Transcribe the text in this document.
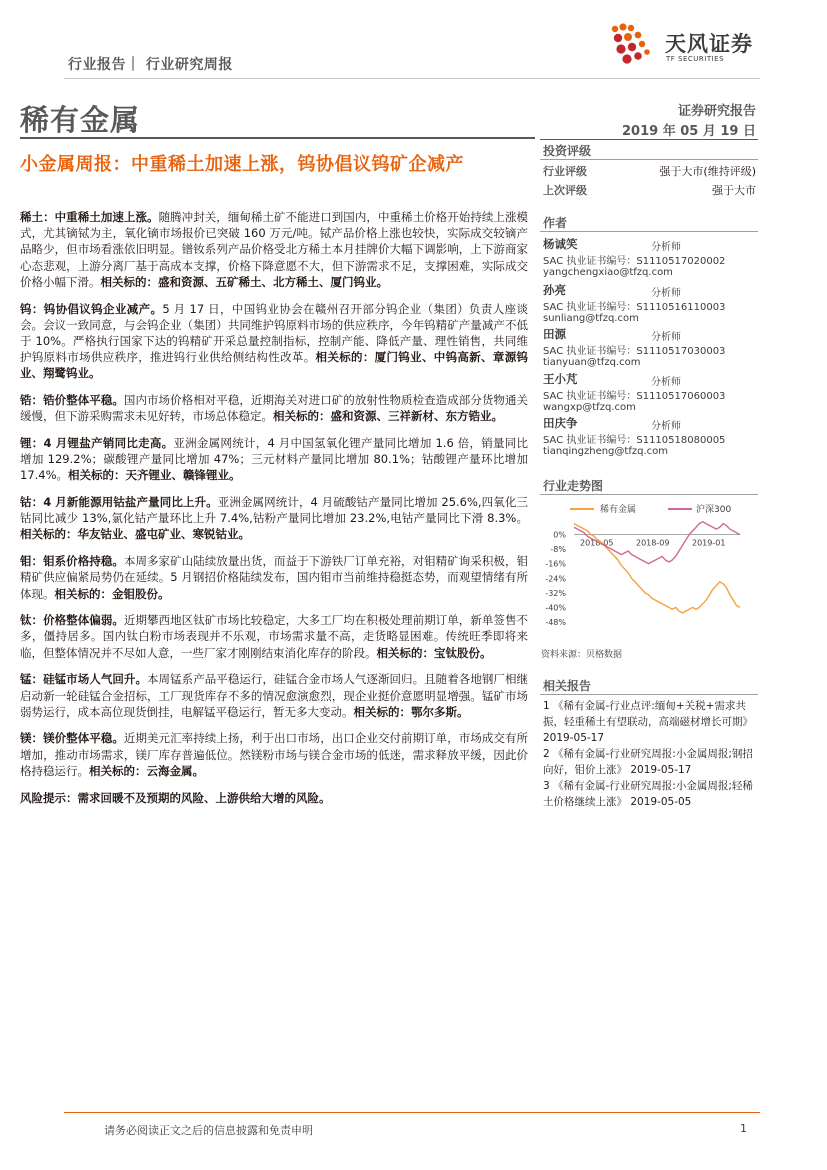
行业报告｜ 行业研究周报
天风证券
TF SECURITIES
稀有金属	证券研究报告
2019 年 05 月 19 日
小金属周报：中重稀土加速上涨，钨协倡议钨矿企减产

稀土：中重稀土加速上涨。随腾冲封关，缅甸稀土矿不能进口到国内，中重稀土价格开始持续上涨模式，尤其镝铽为主，氧化镝市场报价已突破 160 万元/吨。铽产品价格上涨也较快，实际成交较镝产品略少，但市场看涨依旧明显。镨钕系列产品价格受北方稀土本月挂牌价大幅下调影响，上下游商家心态悲观，上游分离厂基于高成本支撑，价格下降意愿不大，但下游需求不足，支撑困难，实际成交价格小幅下滑。相关标的：盛和资源、五矿稀土、北方稀土、厦门钨业。

钨：钨协倡议钨企业减产。5 月 17 日，中国钨业协会在赣州召开部分钨企业（集团）负责人座谈会。会议一致同意，与会钨企业（集团）共同维护钨原料市场的供应秩序，今年钨精矿产量减产不低于 10%。严格执行国家下达的钨精矿开采总量控制指标，控制产能、降低产量、理性销售，共同维护钨原料市场供应秩序，推进钨行业供给侧结构性改革。相关标的：厦门钨业、中钨高新、章源钨业、翔鹭钨业。

锆：锆价整体平稳。国内市场价格相对平稳，近期海关对进口矿的放射性物质检查造成部分货物通关缓慢，但下游采购需求未见好转，市场总体稳定。相关标的：盛和资源、三祥新材、东方锆业。

锂：4 月锂盐产销同比走高。亚洲金属网统计，4 月中国氢氧化锂产量同比增加 1.6 倍，销量同比增加 129.2%；碳酸锂产量同比增加 47%；三元材料产量同比增加 80.1%；钴酸锂产量环比增加 17.4%。相关标的：天齐锂业、赣锋锂业。

钴：4 月新能源用钴盐产量同比上升。亚洲金属网统计，4 月硫酸钴产量同比增加 25.6%,四氧化三钴同比减少 13%,氯化钴产量环比上升 7.4%,钴粉产量同比增加 23.2%,电钴产量同比下滑 8.3%。相关标的：华友钴业、盛屯矿业、寒锐钴业。

钼：钼系价格持稳。本周多家矿山陆续放量出货，而益于下游铁厂订单充裕，对钼精矿询采积极，钼精矿供应偏紧局势仍在延续。5 月钢招价格陆续发布，国内钼市当前维持稳挺态势，而观望情绪有所体现。相关标的：金钼股份。

钛：价格整体偏弱。近期攀西地区钛矿市场比较稳定，大多工厂均在积极处理前期订单，新单签售不多，僵持居多。国内钛白粉市场表现并不乐观，市场需求量不高，走货略显困难。传统旺季即将来临，但整体情况并不尽如人意，一些厂家才刚刚结束消化库存的阶段。相关标的：宝钛股份。

锰：硅锰市场人气回升。本周锰系产品平稳运行，硅锰合金市场人气逐渐回归。且随着各地钢厂相继启动新一轮硅锰合金招标，工厂现货库存不多的情况愈演愈烈，现企业挺价意愿明显增强。锰矿市场弱势运行，成本高位现货倒挂，电解锰平稳运行，暂无多大变动。相关标的：鄂尔多斯。

镁：镁价整体平稳。近期美元汇率持续上扬，利于出口市场，出口企业交付前期订单，市场成交有所增加，推动市场需求，镁厂库存普遍低位。然镁粉市场与镁合金市场的低迷，需求释放平缓，因此价格持稳运行。相关标的：云海金属。

风险提示：需求回暖不及预期的风险、上游供给大增的风险。

投资评级
行业评级	强于大市(维持评级)
上次评级	强于大市
作者
杨诚笑	分析师
SAC 执业证书编号：S1110517020002
yangchengxiao@tfzq.com
孙亮	分析师
SAC 执业证书编号：S1110516110003
sunliang@tfzq.com
田源	分析师
SAC 执业证书编号：S1110517030003
tianyuan@tfzq.com
王小芃	分析师
SAC 执业证书编号：S1110517060003
wangxp@tfzq.com
田庆争	分析师
SAC 执业证书编号：S1110518080005
tianqingzheng@tfzq.com
行业走势图
稀有金属	沪深300
0%
-8%
-16%
-24%
-32%
-40%
-48%
2018-05	2018-09	2019-01
资料来源：贝格数据
相关报告
1 《稀有金属-行业点评:缅甸+关税+需求共振，轻重稀土有望联动，高端磁材增长可期》 2019-05-17
2 《稀有金属-行业研究周报:小金属周报;钢招向好，钼价上涨》 2019-05-17
3 《稀有金属-行业研究周报:小金属周报;轻稀土价格继续上涨》 2019-05-05
请务必阅读正文之后的信息披露和免责申明	1
